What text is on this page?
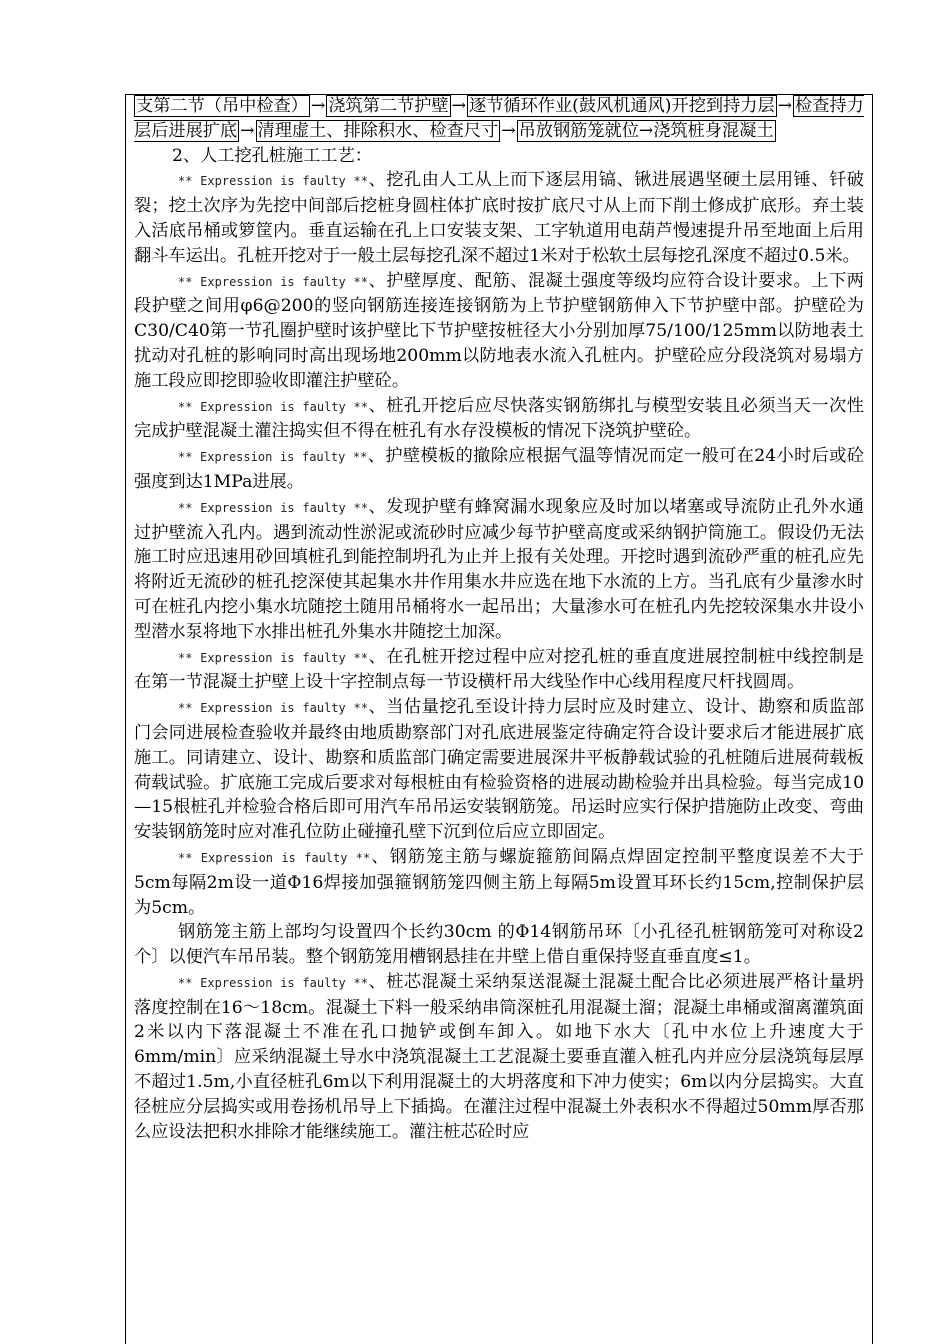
支第二节（吊中检查） → 浇筑第二节护壁 → 逐节循环作业(鼓风机通风)开挖到持力层 → 检查持力层后进展扩底 → 清理虚土、排除积水、检查尺寸 → 吊放钢筋笼就位→浇筑桩身混凝土

2、人工挖孔桩施工工艺：

** Expression is faulty **、挖孔由人工从上而下逐层用镐、锹进展遇坚硬土层用锤、钎破裂；挖土次序为先挖中间部后挖桩身圆柱体扩底时按扩底尺寸从上而下削土修成扩底形。弃土装入活底吊桶或箩筐内。垂直运输在孔上口安装支架、工字轨道用电葫芦慢速提升吊至地面上后用翻斗车运出。孔桩开挖对于一般土层每挖孔深不超过1米对于松软土层每挖孔深度不超过0.5米。

** Expression is faulty **、护壁厚度、配筋、混凝土强度等级均应符合设计要求。上下两段护壁之间用φ6@200的竖向钢筋连接连接钢筋为上节护壁钢筋伸入下节护壁中部。护壁砼为C30/C40第一节孔圈护壁时该护壁比下节护壁按桩径大小分别加厚75/100/125mm以防地表土扰动对孔桩的影响同时高出现场地200mm以防地表水流入孔桩内。护壁砼应分段浇筑对易塌方施工段应即挖即验收即灌注护壁砼。

** Expression is faulty **、桩孔开挖后应尽快落实钢筋绑扎与模型安装且必须当天一次性完成护壁混凝土灌注捣实但不得在桩孔有水存没模板的情况下浇筑护壁砼。

** Expression is faulty **、护壁模板的撤除应根据气温等情况而定一般可在24小时后或砼强度到达1MPa进展。

** Expression is faulty **、发现护壁有蜂窝漏水现象应及时加以堵塞或导流防止孔外水通过护壁流入孔内。遇到流动性淤泥或流砂时应减少每节护壁高度或采纳钢护筒施工。假设仍无法施工时应迅速用砂回填桩孔到能控制坍孔为止并上报有关处理。开挖时遇到流砂严重的桩孔应先将附近无流砂的桩孔挖深使其起集水井作用集水井应选在地下水流的上方。当孔底有少量渗水时可在桩孔内挖小集水坑随挖土随用吊桶将水一起吊出；大量渗水可在桩孔内先挖较深集水井设小型潜水泵将地下水排出桩孔外集水井随挖土加深。

** Expression is faulty **、在孔桩开挖过程中应对挖孔桩的垂直度进展控制桩中线控制是在第一节混凝土护壁上设十字控制点每一节设横杆吊大线坠作中心线用程度尺杆找圆周。

** Expression is faulty **、当估量挖孔至设计持力层时应及时建立、设计、勘察和质监部门会同进展检查验收并最终由地质勘察部门对孔底进展鉴定待确定符合设计要求后才能进展扩底施工。同请建立、设计、勘察和质监部门确定需要进展深井平板静载试验的孔桩随后进展荷载板荷载试验。扩底施工完成后要求对每根桩由有检验资格的进展动勘检验并出具检验。每当完成10—15根桩孔并检验合格后即可用汽车吊吊运安装钢筋笼。吊运时应实行保护措施防止改变、弯曲安装钢筋笼时应对准孔位防止碰撞孔壁下沉到位后应立即固定。

** Expression is faulty **、钢筋笼主筋与螺旋箍筋间隔点焊固定控制平整度误差不大于5cm每隔2m设一道Φ16焊接加强箍钢筋笼四侧主筋上每隔5m设置耳环长约15cm,控制保护层为5cm。

钢筋笼主筋上部均匀设置四个长约30cm 的Φ14钢筋吊环〔小孔径孔桩钢筋笼可对称设2个〕以便汽车吊吊装。整个钢筋笼用槽钢悬挂在井壁上借自重保持竖直垂直度≤1。

** Expression is faulty **、桩芯混凝土采纳泵送混凝土混凝土配合比必须进展严格计量坍落度控制在16～18cm。混凝土下料一般采纳串筒深桩孔用混凝土溜；混凝土串桶或溜离灌筑面2米以内下落混凝土不准在孔口抛铲或倒车卸入。如地下水大〔孔中水位上升速度大于6mm/min〕应采纳混凝土导水中浇筑混凝土工艺混凝土要垂直灌入桩孔内并应分层浇筑每层厚不超过1.5m,小直径桩孔6m以下利用混凝土的大坍落度和下冲力使实；6m以内分层捣实。大直径桩应分层捣实或用卷扬机吊导上下插捣。在灌注过程中混凝土外表积水不得超过50mm厚否那么应设法把积水排除才能继续施工。灌注桩芯砼时应
